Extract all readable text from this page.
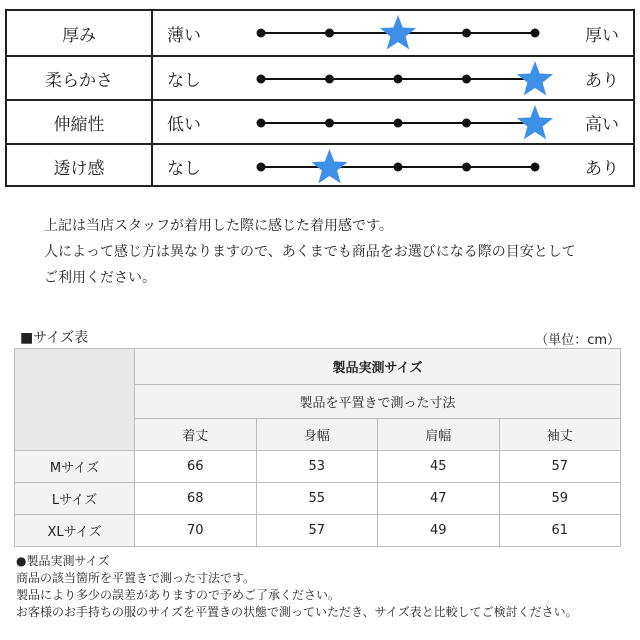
厚み	薄い	厚い
柔らかさ	なし	あり
伸縮性	低い	高い
透け感	なし	あり

上記は当店スタッフが着用した際に感じた着用感です。

人によって感じ方は異なりますので、あくまでも商品をお選びになる際の目安として

ご利用ください。

■サイズ表	（単位：cm）
	製品実測サイズ			
	製品を平置きで測った寸法			
	着丈	身幅	肩幅	袖丈
Mサイズ	66	53	45	57
Lサイズ	68	55	47	59
XLサイズ	70	57	49	61

●製品実測サイズ

商品の該当箇所を平置きで測った寸法です。

製品により多少の誤差がありますので予めご了承ください。

お客様のお手持ちの服のサイズを平置きの状態で測っていただき、サイズ表と比較してご検討ください。
